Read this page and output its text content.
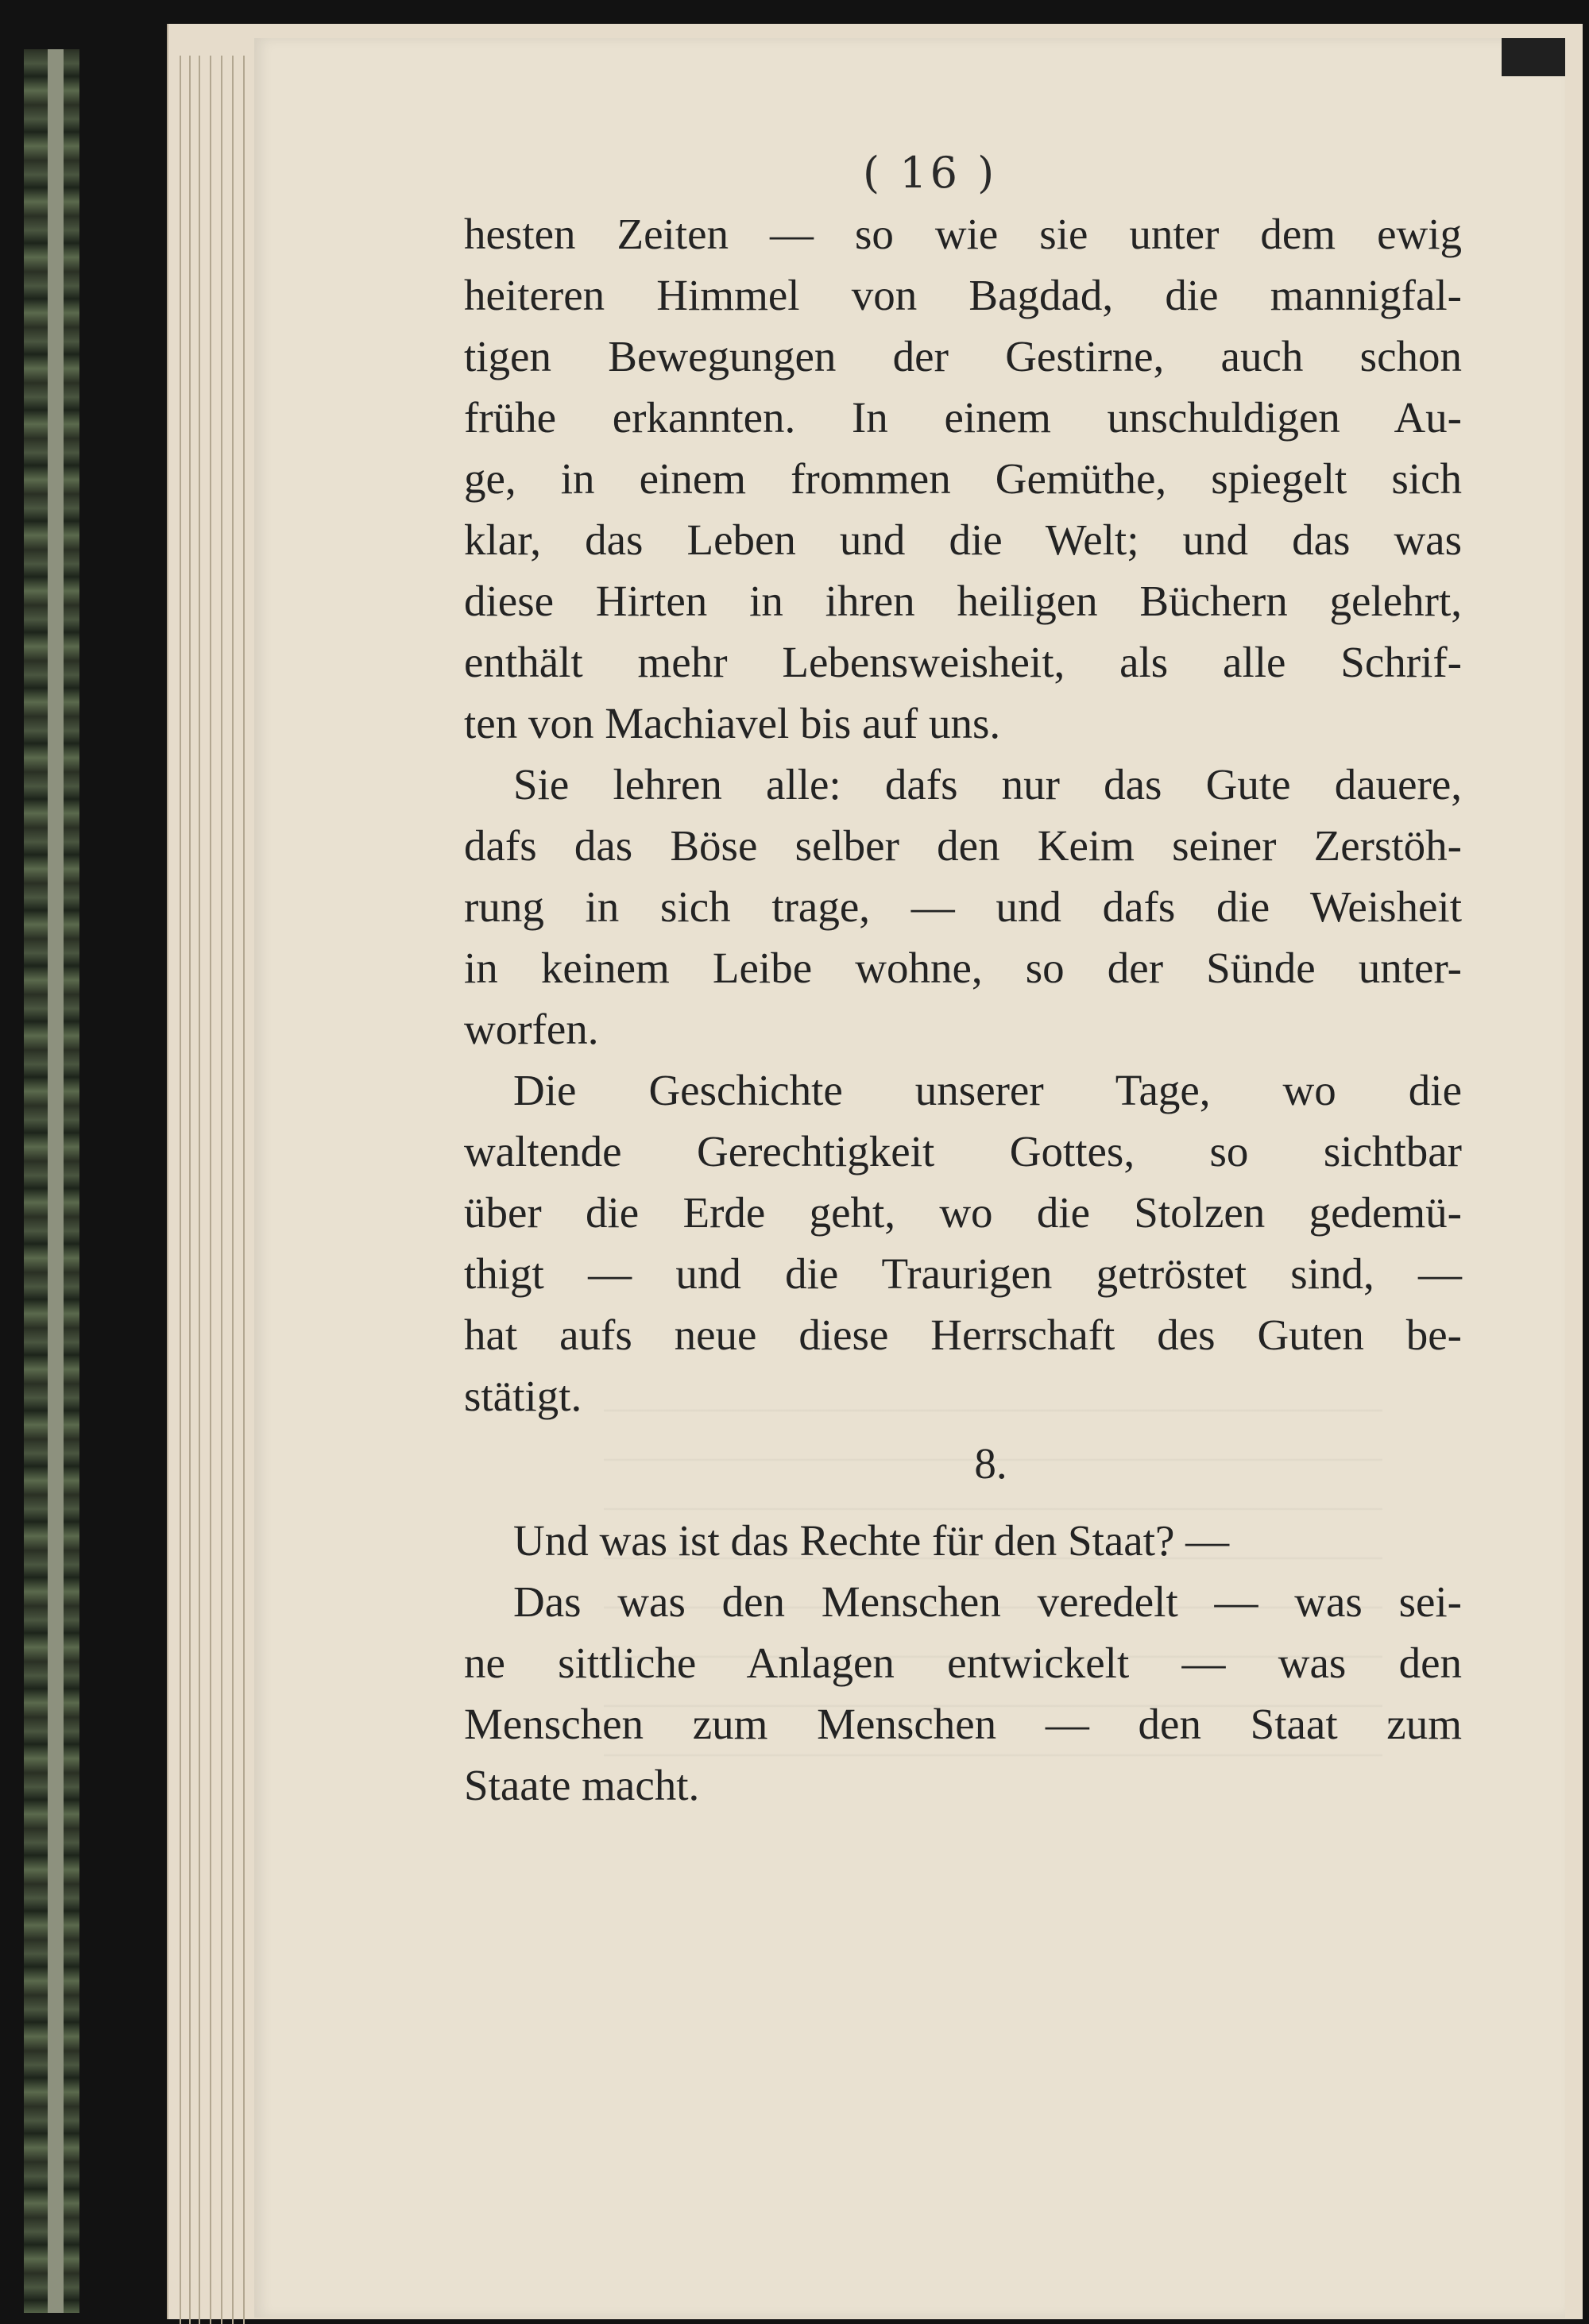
( 16 )
hesten Zeiten — so wie sie unter dem ewig
heiteren Himmel von Bagdad, die mannigfal-
tigen Bewegungen der Gestirne, auch schon
frühe erkannten. In einem unschuldigen Au-
ge, in einem frommen Gemüthe, spiegelt sich
klar, das Leben und die Welt; und das was
diese Hirten in ihren heiligen Büchern gelehrt,
enthält mehr Lebensweisheit, als alle Schrif-
ten von Machiavel bis auf uns.
Sie lehren alle: dafs nur das Gute dauere,
dafs das Böse selber den Keim seiner Zerstöh-
rung in sich trage, — und dafs die Weisheit
in keinem Leibe wohne, so der Sünde unter-
worfen.
Die Geschichte unserer Tage, wo die
waltende Gerechtigkeit Gottes, so sichtbar
über die Erde geht, wo die Stolzen gedemü-
thigt — und die Traurigen getröstet sind, —
hat aufs neue diese Herrschaft des Guten be-
stätigt.
8.
Und was ist das Rechte für den Staat? —
Das was den Menschen veredelt — was sei-
ne sittliche Anlagen entwickelt — was den
Menschen zum Menschen — den Staat zum
Staate macht.
